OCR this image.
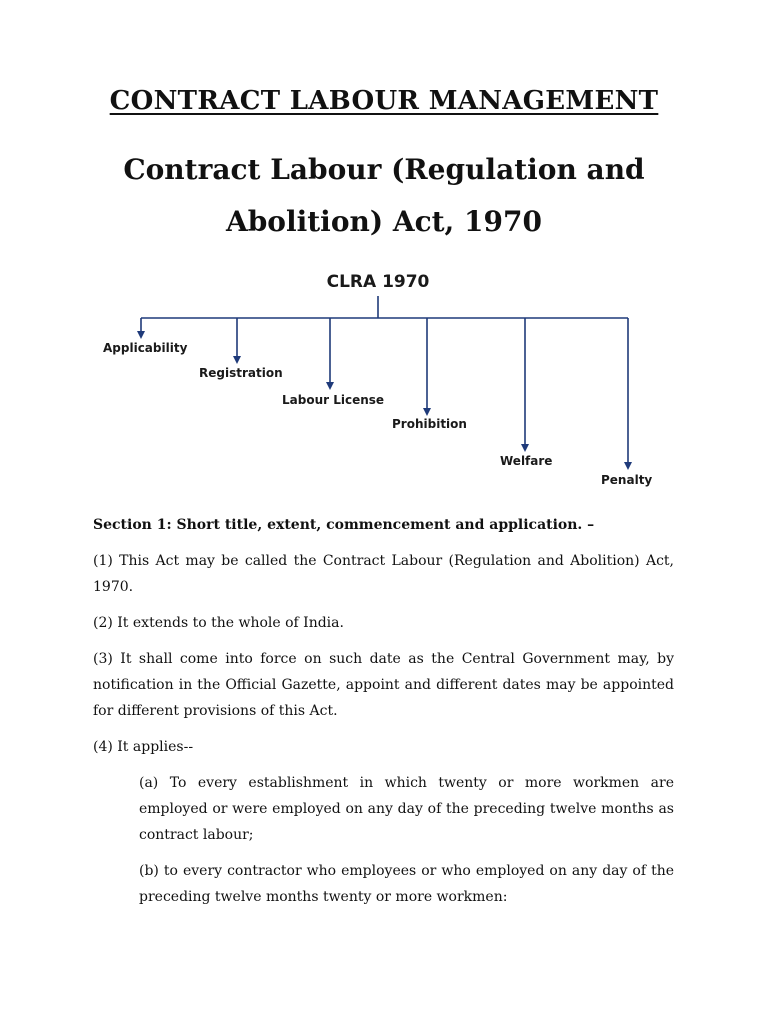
CONTRACT LABOUR MANAGEMENT
Contract Labour (Regulation and Abolition) Act, 1970
CLRA 1970
Applicability
Registration
Labour License
Prohibition
Welfare
Penalty

Section 1: Short title, extent, commencement and application. –

(1) This Act may be called the Contract Labour (Regulation and Abolition) Act, 1970.

(2) It extends to the whole of India.

(3) It shall come into force on such date as the Central Government may, by notification in the Official Gazette, appoint and different dates may be appointed for different provisions of this Act.

(4) It applies--

(a) To every establishment in which twenty or more workmen are employed or were employed on any day of the preceding twelve months as contract labour;

(b) to every contractor who employees or who employed on any day of the preceding twelve months twenty or more workmen:
